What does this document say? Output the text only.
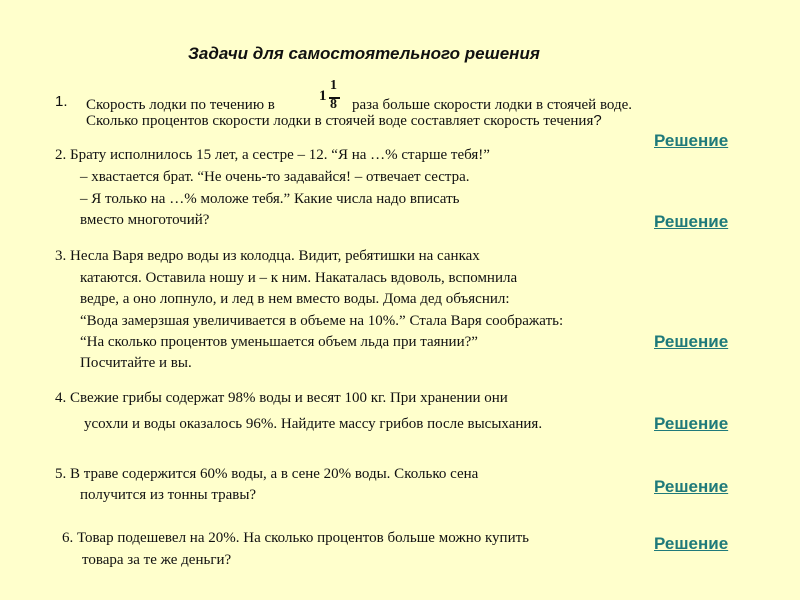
Задачи для самостоятельного решения
1. Скорость лодки по течению в
1
1
8 раза больше скорости лодки в стоячей воде.
Сколько процентов скорости лодки в стоячей воде составляет скорость течения?
Решение
2. Брату исполнилось 15 лет, а сестре – 12. “Я на …% старше тебя!”
– хвастается брат. “Не очень-то задавайся! – отвечает сестра.
– Я только на …% моложе тебя.” Какие числа надо вписать
вместо многоточий?	Решение
3. Несла Варя ведро воды из колодца. Видит, ребятишки на санках
катаются. Оставила ношу и – к ним. Накаталась вдоволь, вспомнила
ведре, а оно лопнуло, и лед в нем вместо воды. Дома дед объяснил:
“Вода замерзшая увеличивается в объеме на 10%.” Стала Варя соображать:
“На сколько процентов уменьшается объем льда при таянии?”
Посчитайте и вы.
Решение
4. Свежие грибы содержат 98% воды и весят 100 кг. При хранении они
усохли и воды оказалось 96%. Найдите массу грибов после высыхания.	Решение
5. В траве содержится 60% воды, а в сене 20% воды. Сколько сена
получится из тонны травы?	Решение
6. Товар подешевел на 20%. На сколько процентов больше можно купить
товара за те же деньги?
Решение
